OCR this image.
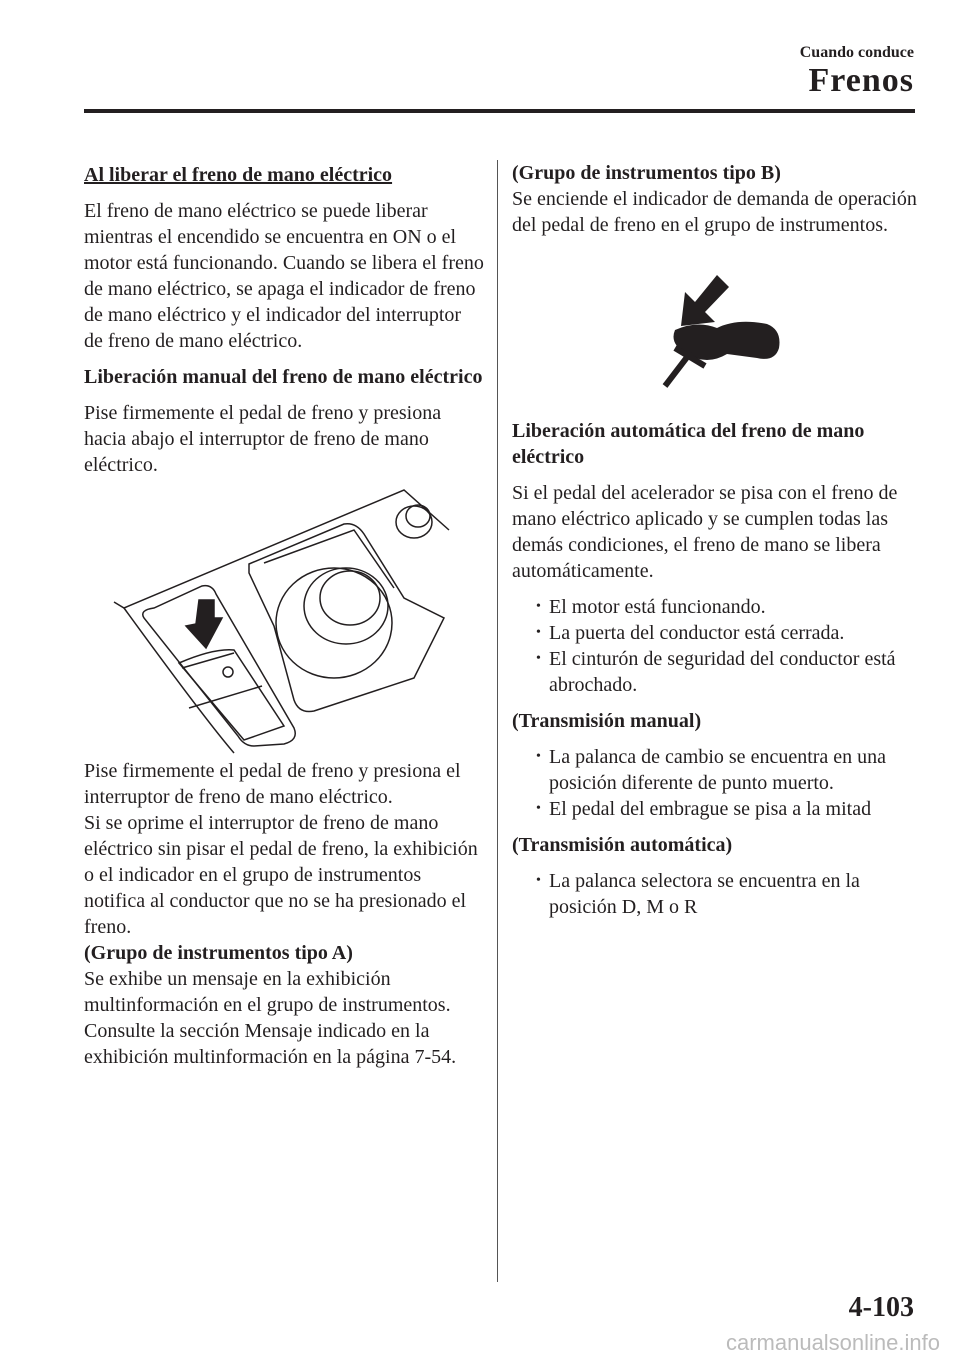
Cuando conduce
Frenos

Al liberar el freno de mano eléctrico

El freno de mano eléctrico se puede liberar mientras el encendido se encuentra en ON o el motor está funcionando. Cuando se libera el freno de mano eléctrico, se apaga el indicador de freno de mano eléctrico y el indicador del interruptor de freno de mano eléctrico.

Liberación manual del freno de mano eléctrico

Pise firmemente el pedal de freno y presiona hacia abajo el interruptor de freno de mano eléctrico.

Pise firmemente el pedal de freno y presiona el interruptor de freno de mano eléctrico.

Si se oprime el interruptor de freno de mano eléctrico sin pisar el pedal de freno, la exhibición o el indicador en el grupo de instrumentos notifica al conductor que no se ha presionado el freno.

(Grupo de instrumentos tipo A)

Se exhibe un mensaje en la exhibición multinformación en el grupo de instrumentos.

Consulte la sección Mensaje indicado en la exhibición multinformación en la página 7-54.

(Grupo de instrumentos tipo B)

Se enciende el indicador de demanda de operación del pedal de freno en el grupo de instrumentos.

Liberación automática del freno de mano eléctrico

Si el pedal del acelerador se pisa con el freno de mano eléctrico aplicado y se cumplen todas las demás condiciones, el freno de mano se libera automáticamente.

• El motor está funcionando.

• La puerta del conductor está cerrada.

• El cinturón de seguridad del conductor está abrochado.

(Transmisión manual)

• La palanca de cambio se encuentra en una posición diferente de punto muerto.

• El pedal del embrague se pisa a la mitad

(Transmisión automática)

• La palanca selectora se encuentra en la posición D, M o R

4-103
carmanualsonline.info
